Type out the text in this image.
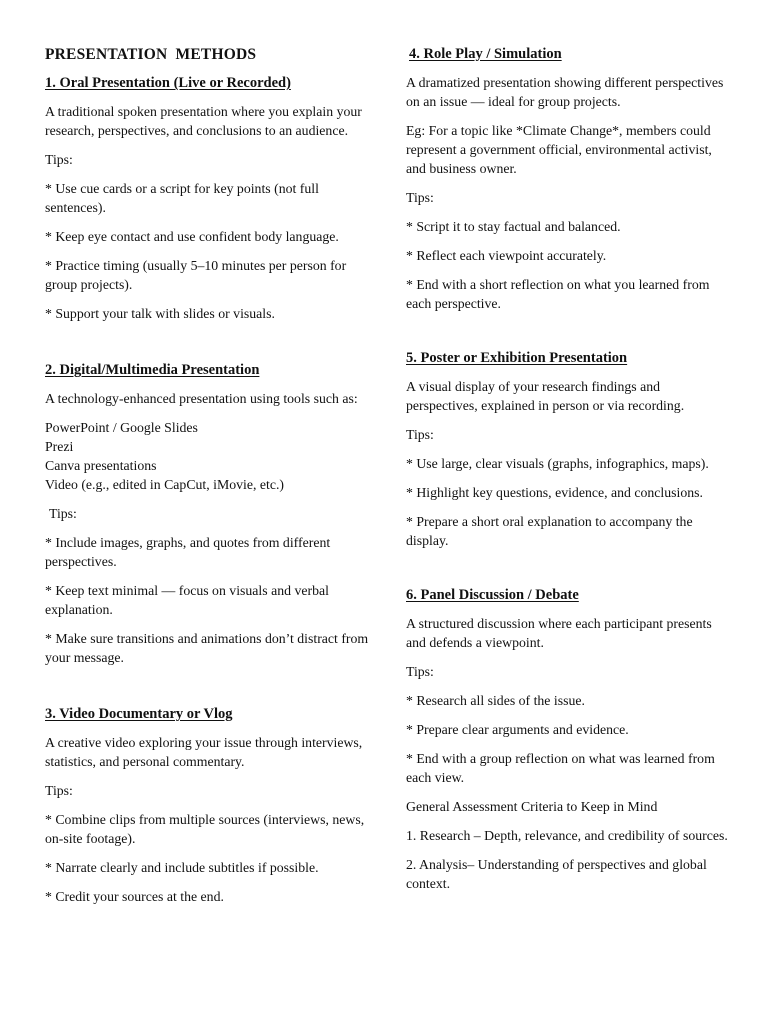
PRESENTATION  METHODS
1. Oral Presentation (Live or Recorded)
A traditional spoken presentation where you explain your research, perspectives, and conclusions to an audience.
Tips:
* Use cue cards or a script for key points (not full sentences).
* Keep eye contact and use confident body language.
* Practice timing (usually 5–10 minutes per person for group projects).
* Support your talk with slides or visuals.
2. Digital/Multimedia Presentation
A technology-enhanced presentation using tools such as:
PowerPoint / Google Slides
Prezi
Canva presentations
Video (e.g., edited in CapCut, iMovie, etc.)
Tips:
* Include images, graphs, and quotes from different perspectives.
* Keep text minimal — focus on visuals and verbal explanation.
* Make sure transitions and animations don’t distract from your message.
3. Video Documentary or Vlog
A creative video exploring your issue through interviews, statistics, and personal commentary.
Tips:
* Combine clips from multiple sources (interviews, news, on-site footage).
* Narrate clearly and include subtitles if possible.
* Credit your sources at the end.
4. Role Play / Simulation
A dramatized presentation showing different perspectives on an issue — ideal for group projects.
Eg: For a topic like *Climate Change*, members could represent a government official, environmental activist, and business owner.
Tips:
* Script it to stay factual and balanced.
* Reflect each viewpoint accurately.
* End with a short reflection on what you learned from each perspective.
5. Poster or Exhibition Presentation
A visual display of your research findings and perspectives, explained in person or via recording.
Tips:
* Use large, clear visuals (graphs, infographics, maps).
* Highlight key questions, evidence, and conclusions.
* Prepare a short oral explanation to accompany the display.
6. Panel Discussion / Debate
A structured discussion where each participant presents and defends a viewpoint.
Tips:
* Research all sides of the issue.
* Prepare clear arguments and evidence.
* End with a group reflection on what was learned from each view.
General Assessment Criteria to Keep in Mind
1. Research – Depth, relevance, and credibility of sources.
2. Analysis– Understanding of perspectives and global context.
